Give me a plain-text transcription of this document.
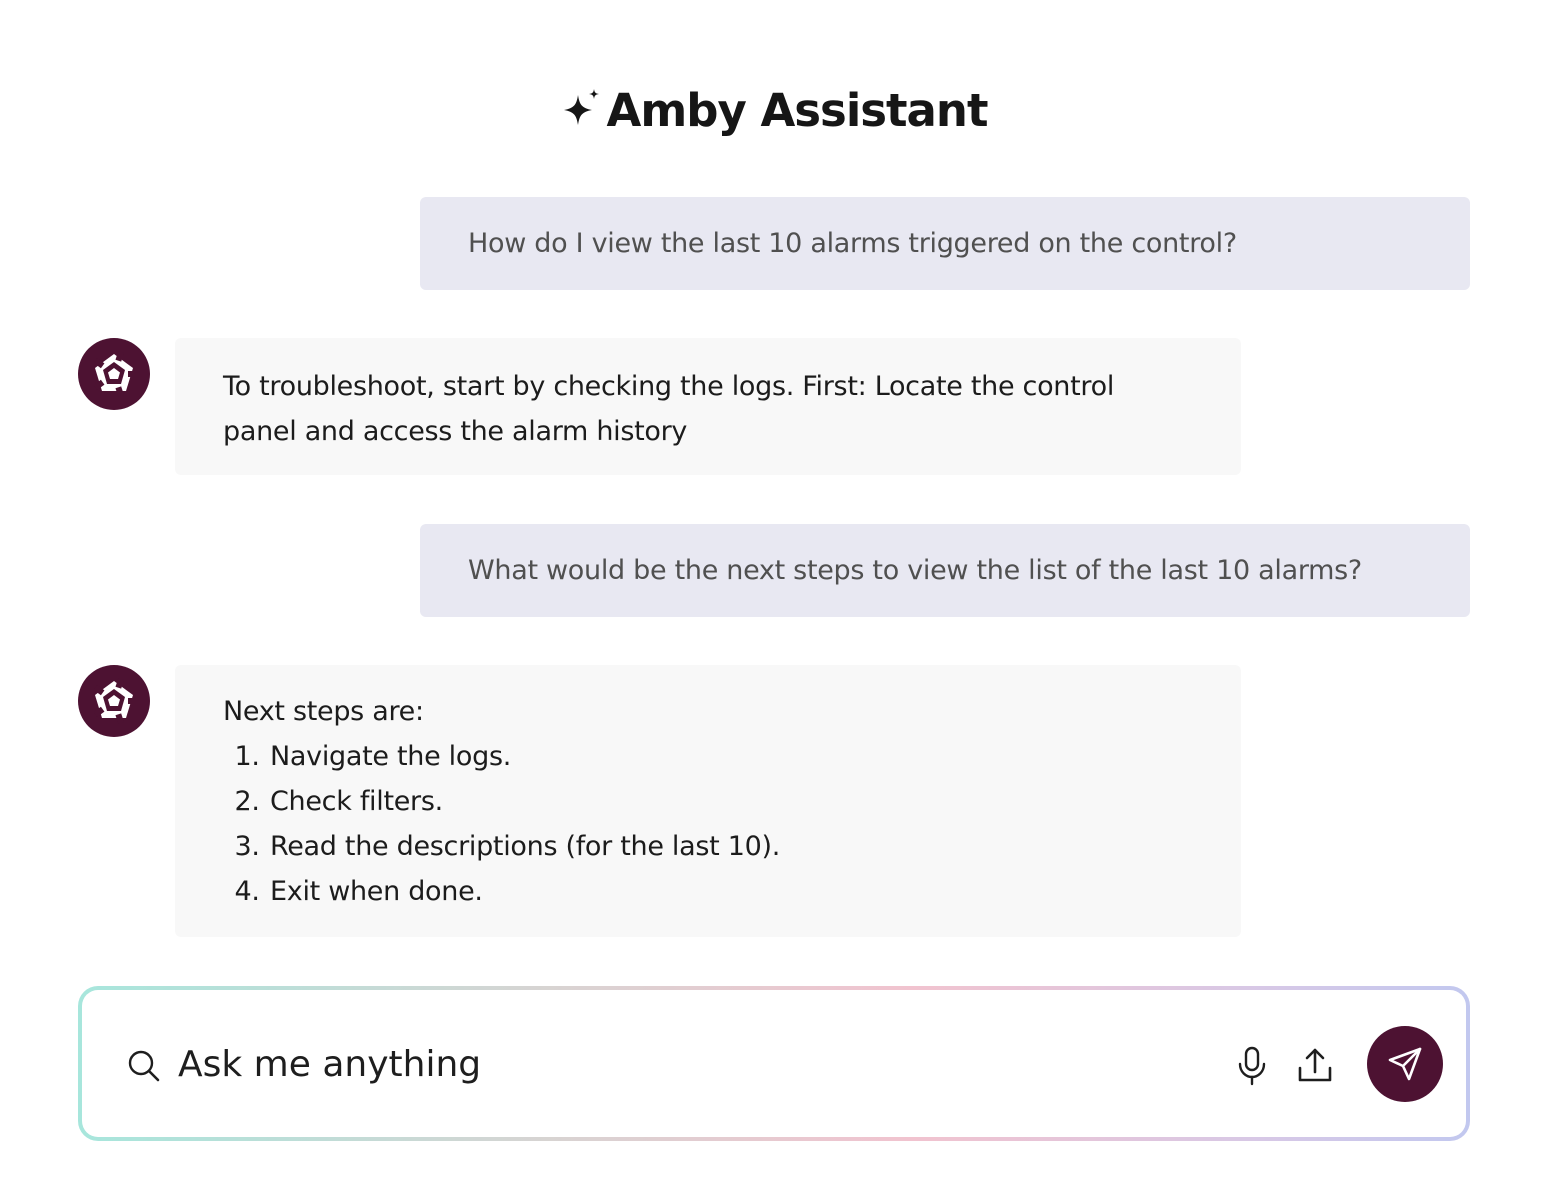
Amby Assistant
How do I view the last 10 alarms triggered on the control?
To troubleshoot, start by checking the logs. First: Locate the control panel and access the alarm history
What would be the next steps to view the list of the last 10 alarms?
Next steps are:
1. Navigate the logs.
2. Check filters.
3. Read the descriptions (for the last 10).
4. Exit when done.
Ask me anything
